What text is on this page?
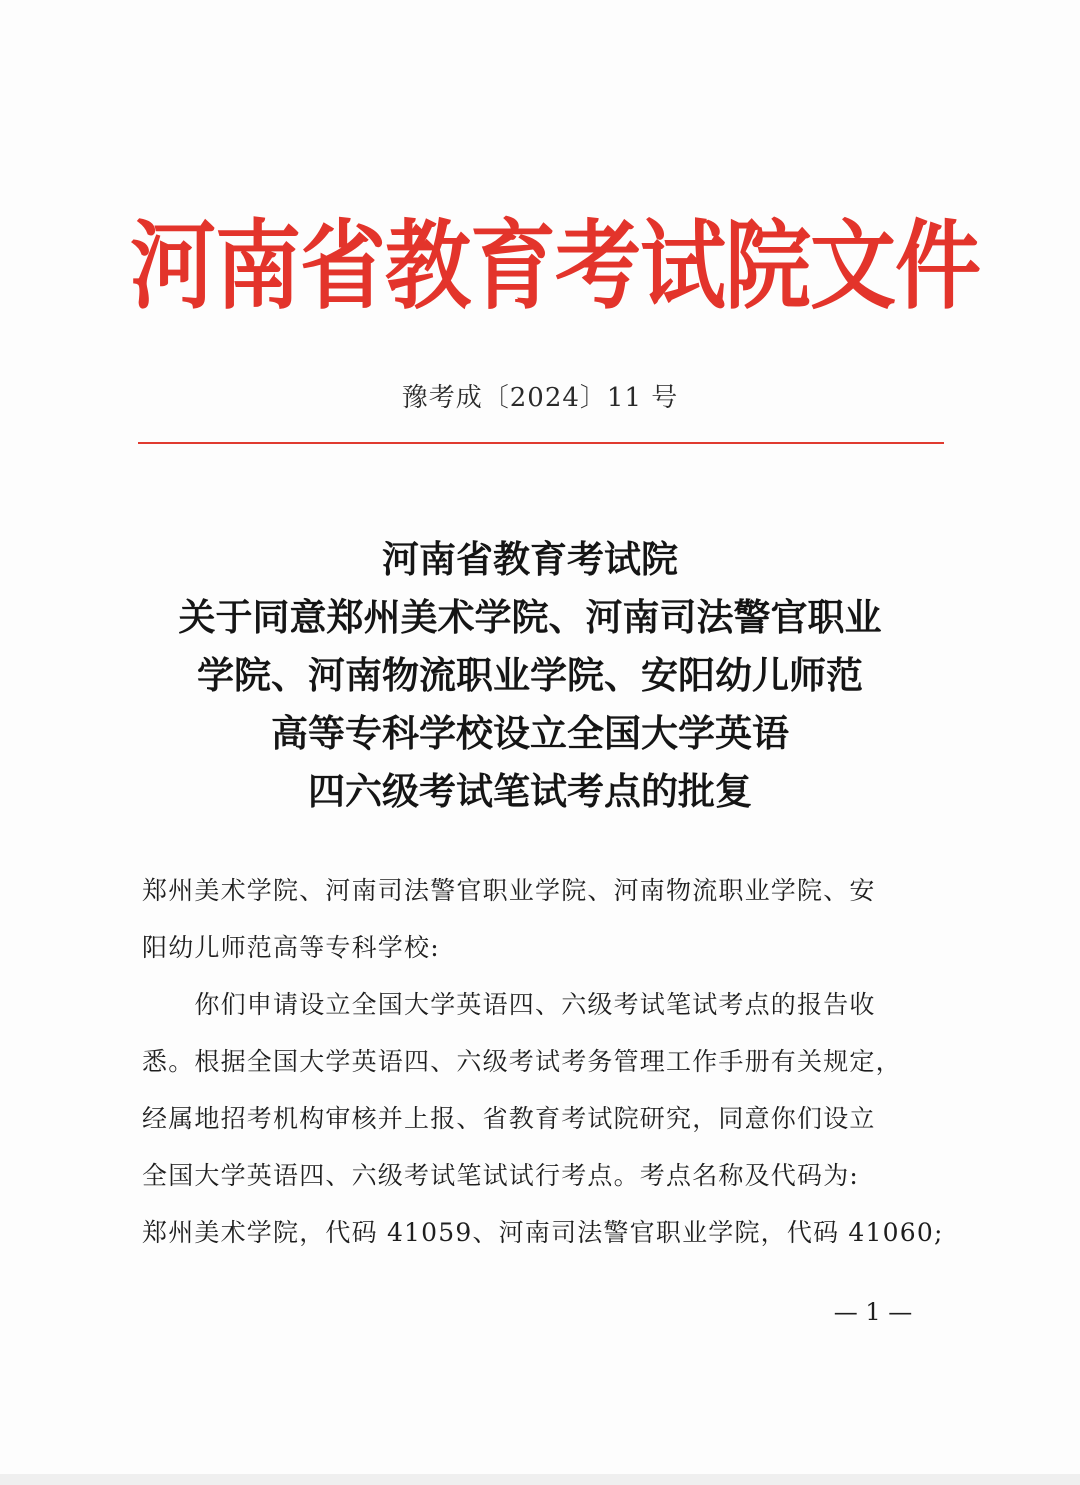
河南省教育考试院文件
豫考成〔2024〕11 号
河南省教育考试院
关于同意郑州美术学院、河南司法警官职业
学院、河南物流职业学院、安阳幼儿师范
高等专科学校设立全国大学英语
四六级考试笔试考点的批复
郑州美术学院、河南司法警官职业学院、河南物流职业学院、安
阳幼儿师范高等专科学校:
　　你们申请设立全国大学英语四、六级考试笔试考点的报告收
悉。根据全国大学英语四、六级考试考务管理工作手册有关规定，
经属地招考机构审核并上报、省教育考试院研究，同意你们设立
全国大学英语四、六级考试笔试试行考点。考点名称及代码为:
郑州美术学院，代码 41059、河南司法警官职业学院，代码 41060;
— 1 —
